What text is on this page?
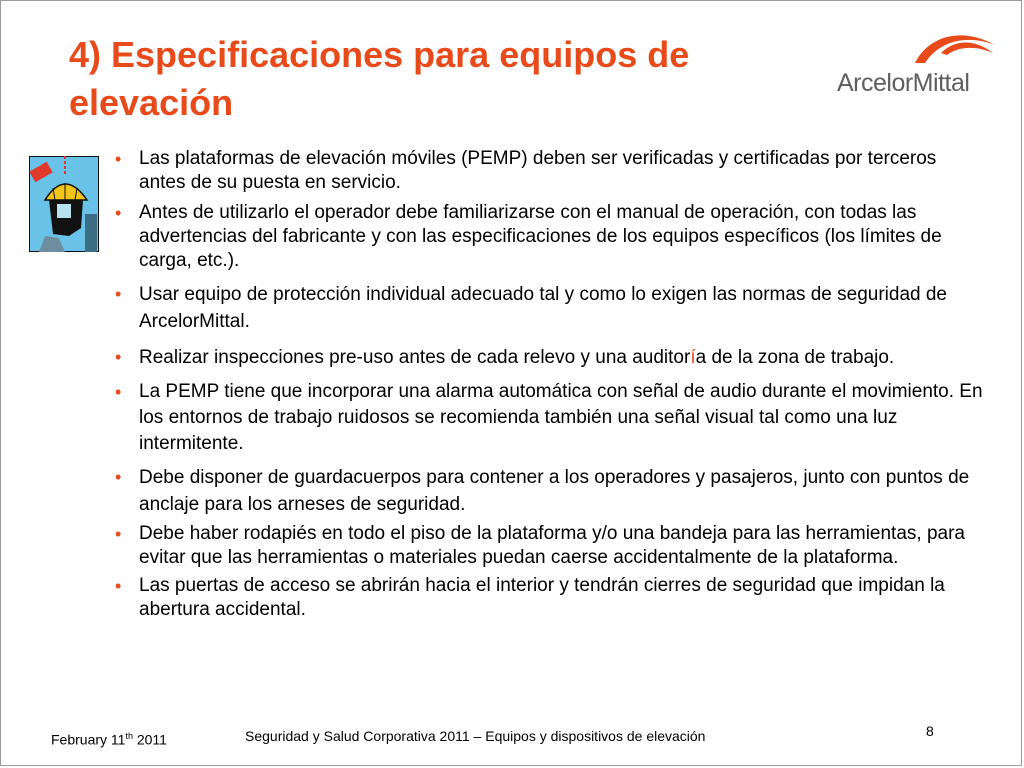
4) Especificaciones para equipos de elevación	ArcelorMittal
• Las plataformas de elevación móviles (PEMP) deben ser verificadas y certificadas por terceros antes de su puesta en servicio.
• Antes de utilizarlo el operador debe familiarizarse con el manual de operación, con todas las advertencias del fabricante y con las especificaciones de los equipos específicos (los límites de carga, etc.).
• Usar equipo de protección individual adecuado tal y como lo exigen las normas de seguridad de ArcelorMittal.
• Realizar inspecciones pre-uso antes de cada relevo y una auditoría de la zona de trabajo.
• La PEMP tiene que incorporar una alarma automática con señal de audio durante el movimiento. En los entornos de trabajo ruidosos se recomienda también una señal visual tal como una luz intermitente.
• Debe disponer de guardacuerpos para contener a los operadores y pasajeros, junto con puntos de anclaje para los arneses de seguridad.
• Debe haber rodapiés en todo el piso de la plataforma y/o una bandeja para las herramientas, para evitar que las herramientas o materiales puedan caerse accidentalmente de la plataforma.
• Las puertas de acceso se abrirán hacia el interior y tendrán cierres de seguridad que impidan la abertura accidental.
February 11th 2011	Seguridad y Salud Corporativa 2011 – Equipos y dispositivos de elevación	8
